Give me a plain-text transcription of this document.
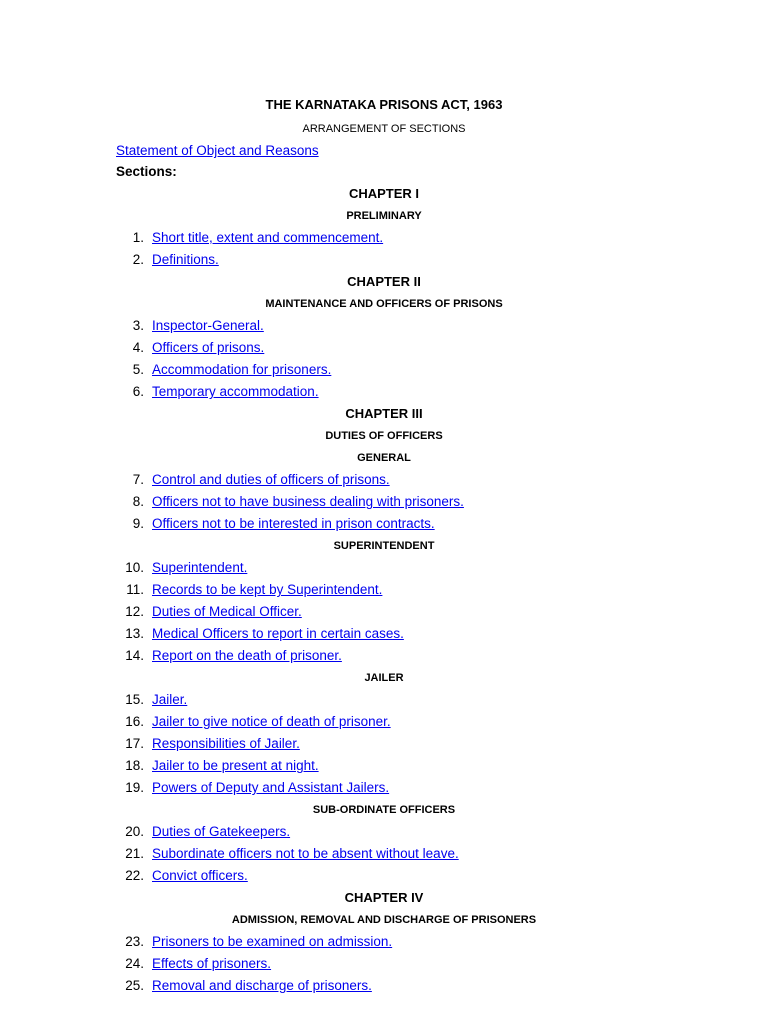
THE KARNATAKA PRISONS ACT, 1963
ARRANGEMENT OF SECTIONS
Statement of Object and Reasons
Sections:
CHAPTER I
PRELIMINARY
1. Short title, extent and commencement.
2. Definitions.
CHAPTER II
MAINTENANCE AND OFFICERS OF PRISONS
3. Inspector-General.
4. Officers of prisons.
5. Accommodation for prisoners.
6. Temporary accommodation.
CHAPTER III
DUTIES OF OFFICERS
GENERAL
7. Control and duties of officers of prisons.
8. Officers not to have business dealing with prisoners.
9. Officers not to be interested in prison contracts.
SUPERINTENDENT
10. Superintendent.
11. Records to be kept by Superintendent.
12. Duties of Medical Officer.
13. Medical Officers to report in certain cases.
14. Report on the death of prisoner.
JAILER
15. Jailer.
16. Jailer to give notice of death of prisoner.
17. Responsibilities of Jailer.
18. Jailer to be present at night.
19. Powers of Deputy and Assistant Jailers.
SUB-ORDINATE OFFICERS
20. Duties of Gatekeepers.
21. Subordinate officers not to be absent without leave.
22. Convict officers.
CHAPTER IV
ADMISSION, REMOVAL AND DISCHARGE OF PRISONERS
23. Prisoners to be examined on admission.
24. Effects of prisoners.
25. Removal and discharge of prisoners.
